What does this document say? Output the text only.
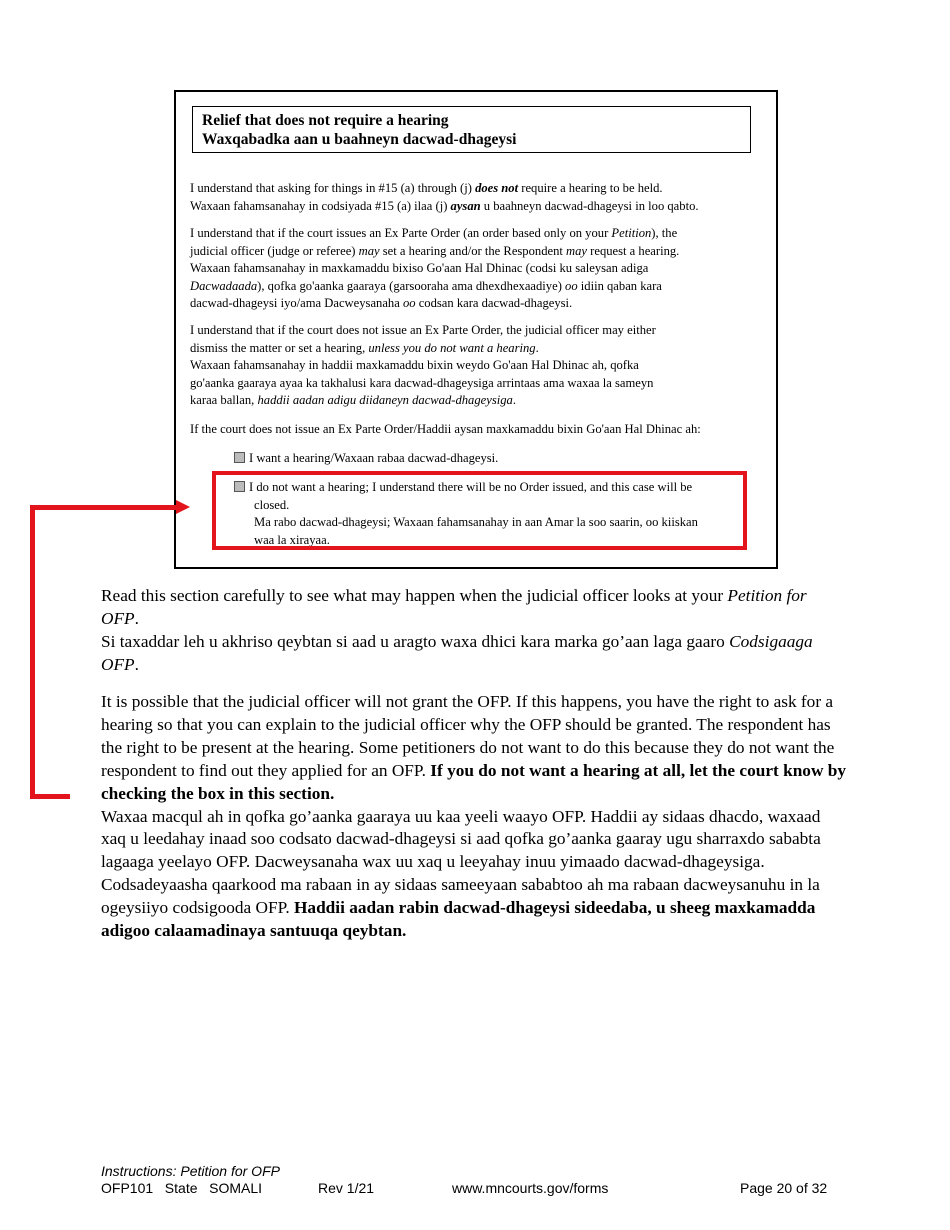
Relief that does not require a hearing
Waxqabadka aan u baahneyn dacwad-dhageysi
I understand that asking for things in #15 (a) through (j) does not require a hearing to be held.
Waxaan fahamsanahay in codsiyada #15 (a) ilaa (j) aysan u baahneyn dacwad-dhageysi in loo qabto.
I understand that if the court issues an Ex Parte Order (an order based only on your Petition), the
judicial officer (judge or referee) may set a hearing and/or the Respondent may request a hearing.
Waxaan fahamsanahay in maxkamaddu bixiso Go'aan Hal Dhinac (codsi ku saleysan adiga
Dacwadaada), qofka go'aanka gaaraya (garsooraha ama dhexdhexaadiye) oo idiin qaban kara
dacwad-dhageysi iyo/ama Dacweysanaha oo codsan kara dacwad-dhageysi.
I understand that if the court does not issue an Ex Parte Order, the judicial officer may either
dismiss the matter or set a hearing, unless you do not want a hearing.
Waxaan fahamsanahay in haddii maxkamaddu bixin weydo Go'aan Hal Dhinac ah, qofka
go'aanka gaaraya ayaa ka takhalusi kara dacwad-dhageysiga arrintaas ama waxaa la sameyn
karaa ballan, haddii aadan adigu diidaneyn dacwad-dhageysiga.
If the court does not issue an Ex Parte Order/Haddii aysan maxkamaddu bixin Go'aan Hal Dhinac ah:
I want a hearing/Waxaan rabaa dacwad-dhageysi.
I do not want a hearing; I understand there will be no Order issued, and this case will be
closed.
Ma rabo dacwad-dhageysi; Waxaan fahamsanahay in aan Amar la soo saarin, oo kiiskan
waa la xirayaa.

Read this section carefully to see what may happen when the judicial officer looks at your Petition for OFP.

Si taxaddar leh u akhriso qeybtan si aad u aragto waxa dhici kara marka go’aan laga gaaro Codsigaaga OFP.

It is possible that the judicial officer will not grant the OFP. If this happens, you have the right to ask for a hearing so that you can explain to the judicial officer why the OFP should be granted. The respondent has the right to be present at the hearing. Some petitioners do not want to do this because they do not want the respondent to find out they applied for an OFP. If you do not want a hearing at all, let the court know by checking the box in this section.

Waxaa macqul ah in qofka go’aanka gaaraya uu kaa yeeli waayo OFP. Haddii ay sidaas dhacdo, waxaad xaq u leedahay inaad soo codsato dacwad-dhageysi si aad qofka go’aanka gaaray ugu sharraxdo sababta lagaaga yeelayo OFP. Dacweysanaha wax uu xaq u leeyahay inuu yimaado dacwad-dhageysiga. Codsadeyaasha qaarkood ma rabaan in ay sidaas sameeyaan sababtoo ah ma rabaan dacweysanuhu in la ogeysiiyo codsigooda OFP. Haddii aadan rabin dacwad-dhageysi sideedaba, u sheeg maxkamadda adigoo calaamadinaya santuuqa qeybtan.

Instructions: Petition for OFP
OFP101   State   SOMALI	Rev 1/21	www.mncourts.gov/forms	Page 20 of 32
